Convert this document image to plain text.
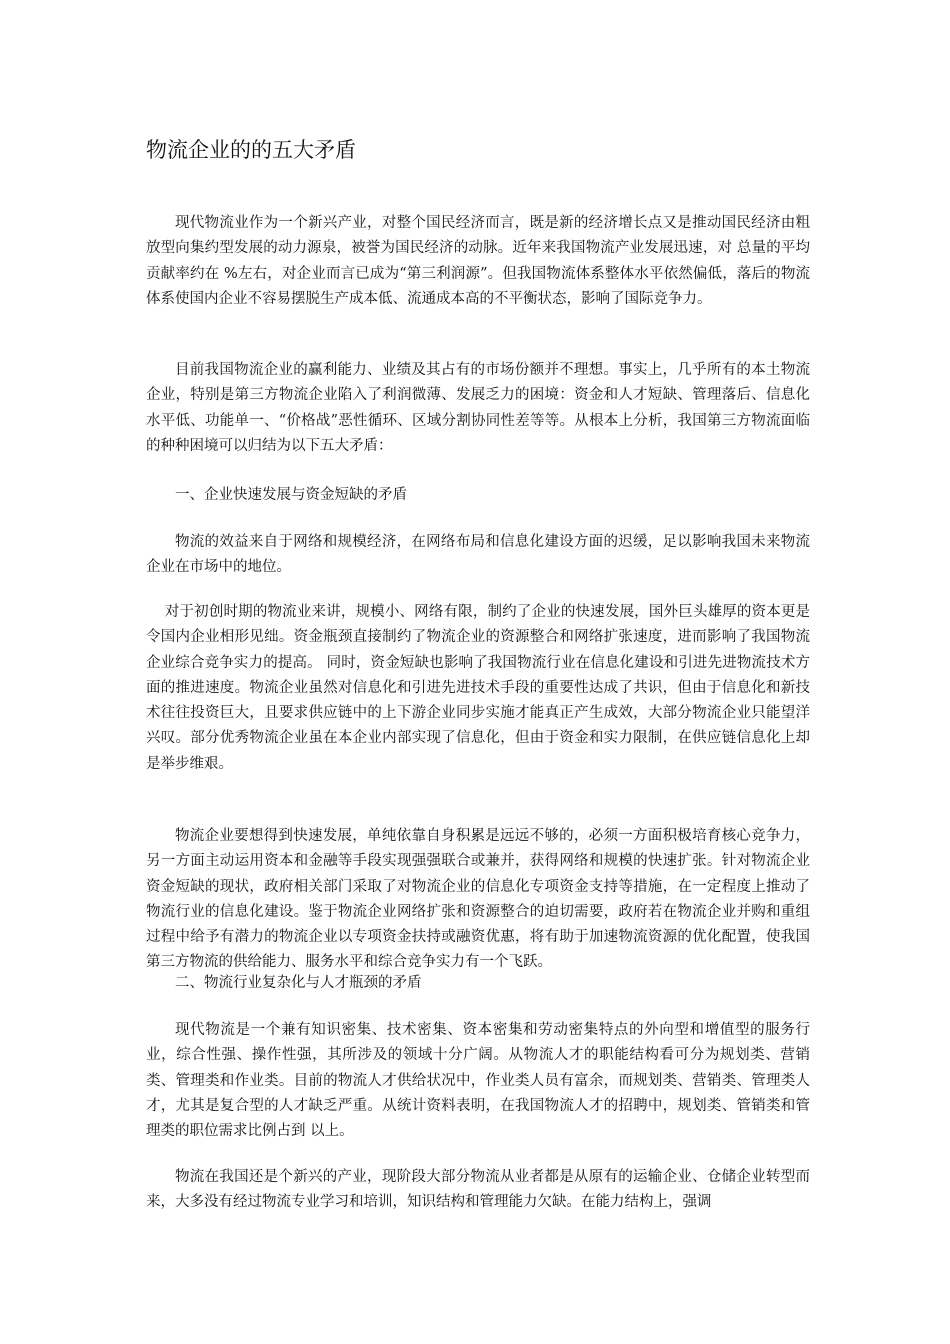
物流企业的的五大矛盾

现代物流业作为一个新兴产业，对整个国民经济而言，既是新的经济增长点又是推动国民经济由粗放型向集约型发展的动力源泉，被誉为国民经济的动脉。近年来我国物流产业发展迅速，对 总量的平均贡献率约在 %左右，对企业而言已成为“第三利润源”。但我国物流体系整体水平依然偏低，落后的物流体系使国内企业不容易摆脱生产成本低、流通成本高的不平衡状态，影响了国际竞争力。

目前我国物流企业的赢利能力、业绩及其占有的市场份额并不理想。事实上，几乎所有的本土物流企业，特别是第三方物流企业陷入了利润微薄、发展乏力的困境：资金和人才短缺、管理落后、信息化水平低、功能单一、“价格战”恶性循环、区域分割协同性差等等。从根本上分析，我国第三方物流面临的种种困境可以归结为以下五大矛盾：

一、企业快速发展与资金短缺的矛盾

物流的效益来自于网络和规模经济，在网络布局和信息化建设方面的迟缓，足以影响我国未来物流企业在市场中的地位。

对于初创时期的物流业来讲，规模小、网络有限，制约了企业的快速发展，国外巨头雄厚的资本更是令国内企业相形见绌。资金瓶颈直接制约了物流企业的资源整合和网络扩张速度，进而影响了我国物流企业综合竞争实力的提高。 同时，资金短缺也影响了我国物流行业在信息化建设和引进先进物流技术方面的推进速度。物流企业虽然对信息化和引进先进技术手段的重要性达成了共识，但由于信息化和新技术往往投资巨大，且要求供应链中的上下游企业同步实施才能真正产生成效，大部分物流企业只能望洋兴叹。部分优秀物流企业虽在本企业内部实现了信息化，但由于资金和实力限制，在供应链信息化上却是举步维艰。

物流企业要想得到快速发展，单纯依靠自身积累是远远不够的，必须一方面积极培育核心竞争力，另一方面主动运用资本和金融等手段实现强强联合或兼并，获得网络和规模的快速扩张。针对物流企业资金短缺的现状，政府相关部门采取了对物流企业的信息化专项资金支持等措施，在一定程度上推动了物流行业的信息化建设。鉴于物流企业网络扩张和资源整合的迫切需要，政府若在物流企业并购和重组过程中给予有潜力的物流企业以专项资金扶持或融资优惠，将有助于加速物流资源的优化配置，使我国第三方物流的供给能力、服务水平和综合竞争实力有一个飞跃。

二、物流行业复杂化与人才瓶颈的矛盾

现代物流是一个兼有知识密集、技术密集、资本密集和劳动密集特点的外向型和增值型的服务行业，综合性强、操作性强，其所涉及的领域十分广阔。从物流人才的职能结构看可分为规划类、营销类、管理类和作业类。目前的物流人才供给状况中，作业类人员有富余，而规划类、营销类、管理类人才，尤其是复合型的人才缺乏严重。从统计资料表明，在我国物流人才的招聘中，规划类、管销类和管理类的职位需求比例占到 以上。

物流在我国还是个新兴的产业，现阶段大部分物流从业者都是从原有的运输企业、仓储企业转型而来，大多没有经过物流专业学习和培训，知识结构和管理能力欠缺。在能力结构上，强调
